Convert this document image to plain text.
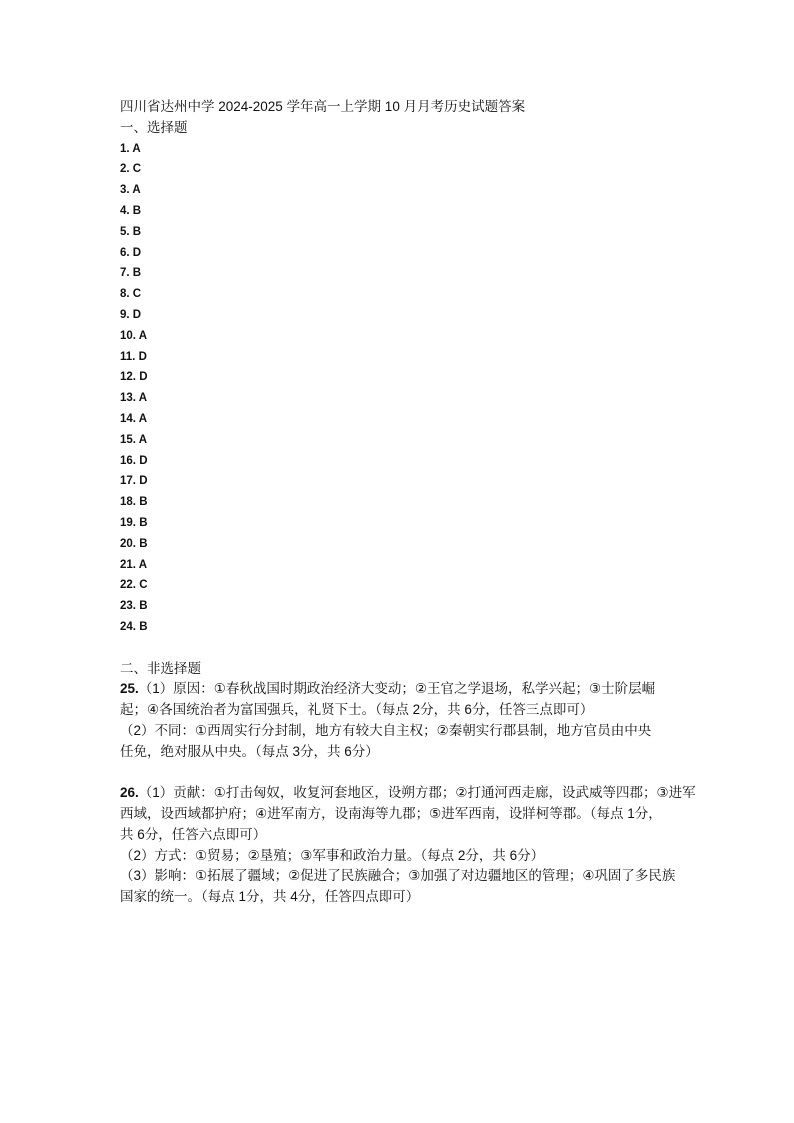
四川省达州中学 2024-2025 学年高一上学期 10 月月考历史试题答案
一、选择题
1. A
2. C
3. A
4. B
5. B
6. D
7. B
8. C
9. D
10. A
11. D
12. D
13. A
14. A
15. A
16. D
17. D
18. B
19. B
20. B
21. A
22. C
23. B
24. B
二、非选择题
25.（1）原因：①春秋战国时期政治经济大变动；②王官之学退场，私学兴起；③士阶层崛
起；④各国统治者为富国强兵，礼贤下士。（每点 2分，共 6分，任答三点即可）
（2）不同：①西周实行分封制，地方有较大自主权；②秦朝实行郡县制，地方官员由中央
任免，绝对服从中央。（每点 3分，共 6分）
26.（1）贡献：①打击匈奴，收复河套地区，设朔方郡；②打通河西走廊，设武威等四郡；③进军
西域，设西域都护府；④进军南方，设南海等九郡；⑤进军西南，设牂柯等郡。（每点 1分，
共 6分，任答六点即可）
（2）方式：①贸易；②垦殖；③军事和政治力量。（每点 2分，共 6分）
（3）影响：①拓展了疆域；②促进了民族融合；③加强了对边疆地区的管理；④巩固了多民族
国家的统一。（每点 1分，共 4分，任答四点即可）
